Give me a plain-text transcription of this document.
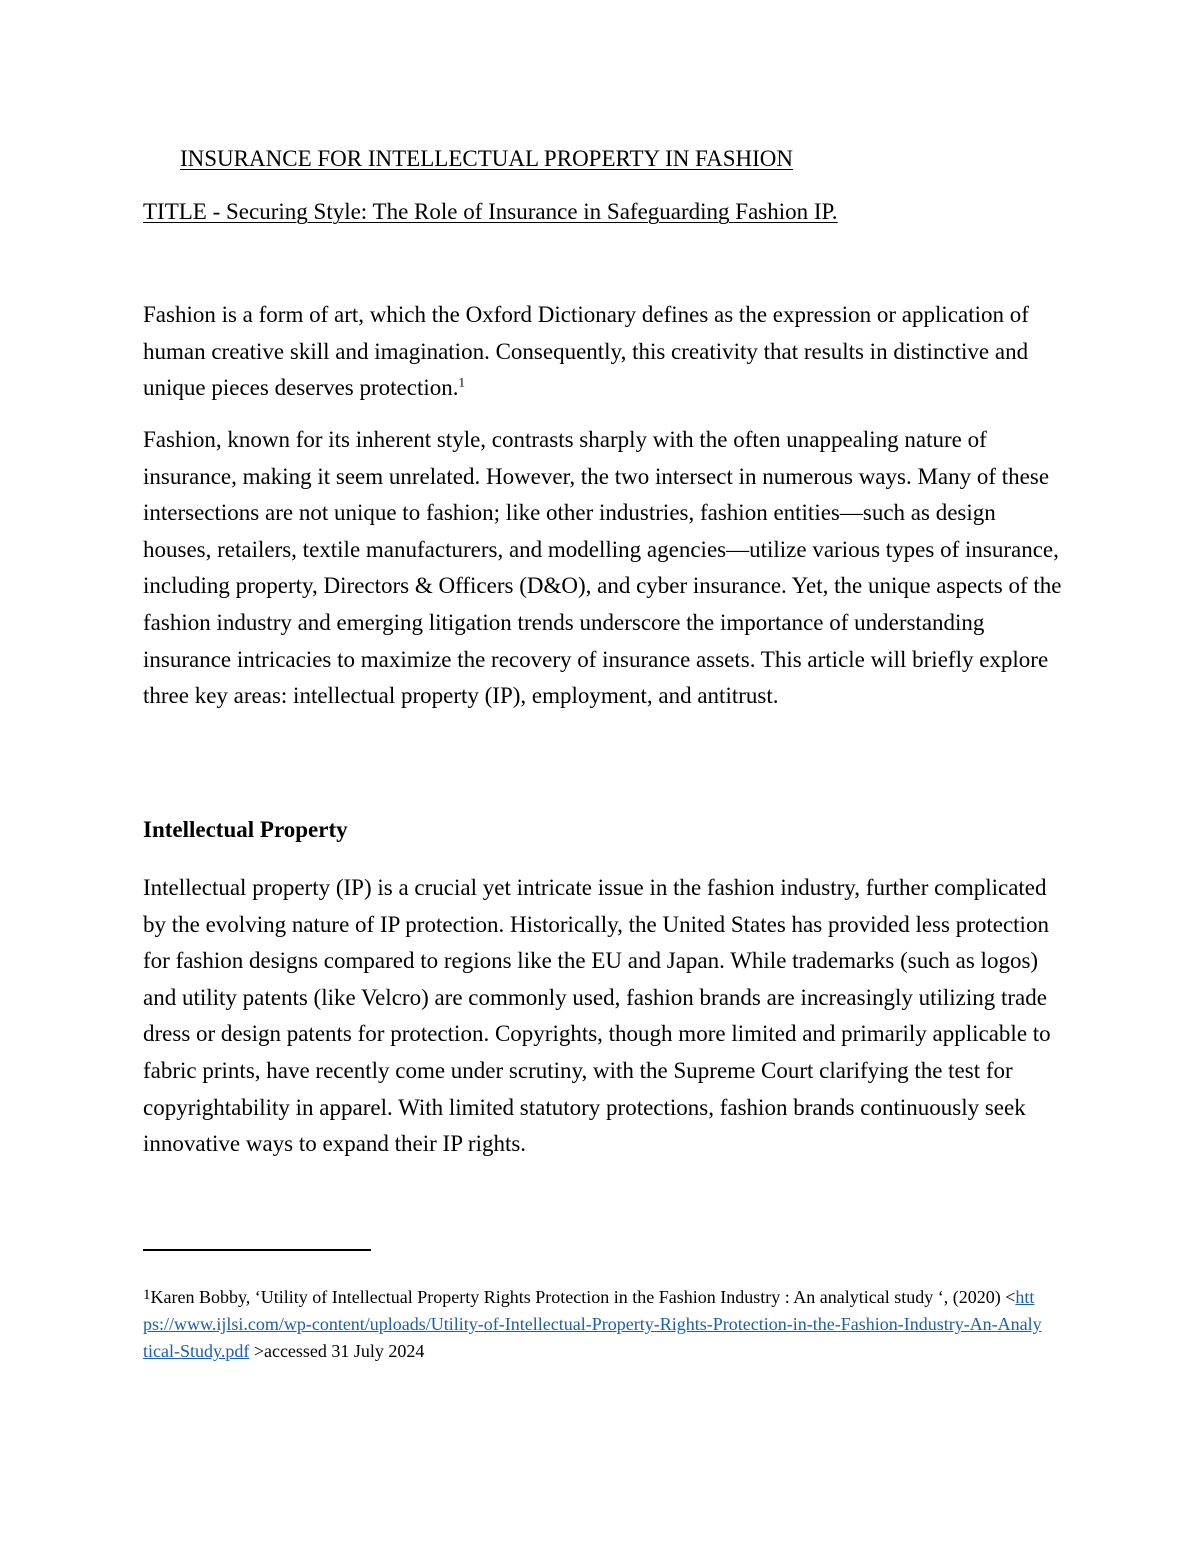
INSURANCE FOR INTELLECTUAL PROPERTY IN FASHION
TITLE - Securing Style: The Role of Insurance in Safeguarding Fashion IP.

Fashion is a form of art, which the Oxford Dictionary defines as the expression or application of human creative skill and imagination. Consequently, this creativity that results in distinctive and unique pieces deserves protection.$^1$

Fashion, known for its inherent style, contrasts sharply with the often unappealing nature of insurance, making it seem unrelated. However, the two intersect in numerous ways. Many of these intersections are not unique to fashion; like other industries, fashion entities—such as design houses, retailers, textile manufacturers, and modelling agencies—utilize various types of insurance, including property, Directors & Officers (D&O), and cyber insurance. Yet, the unique aspects of the fashion industry and emerging litigation trends underscore the importance of understanding insurance intricacies to maximize the recovery of insurance assets. This article will briefly explore three key areas: intellectual property (IP), employment, and antitrust.

Intellectual Property

Intellectual property (IP) is a crucial yet intricate issue in the fashion industry, further complicated by the evolving nature of IP protection. Historically, the United States has provided less protection for fashion designs compared to regions like the EU and Japan. While trademarks (such as logos) and utility patents (like Velcro) are commonly used, fashion brands are increasingly utilizing trade dress or design patents for protection. Copyrights, though more limited and primarily applicable to fabric prints, have recently come under scrutiny, with the Supreme Court clarifying the test for copyrightability in apparel. With limited statutory protections, fashion brands continuously seek innovative ways to expand their IP rights.

$^1$Karen Bobby, ‘Utility of Intellectual Property Rights Protection in the Fashion Industry : An analytical study ‘, (2020) <https://www.ijlsi.com/wp-content/uploads/Utility-of-Intellectual-Property-Rights-Protection-in-the-Fashion-Industry-An-Analytical-Study.pdf >accessed 31 July 2024
